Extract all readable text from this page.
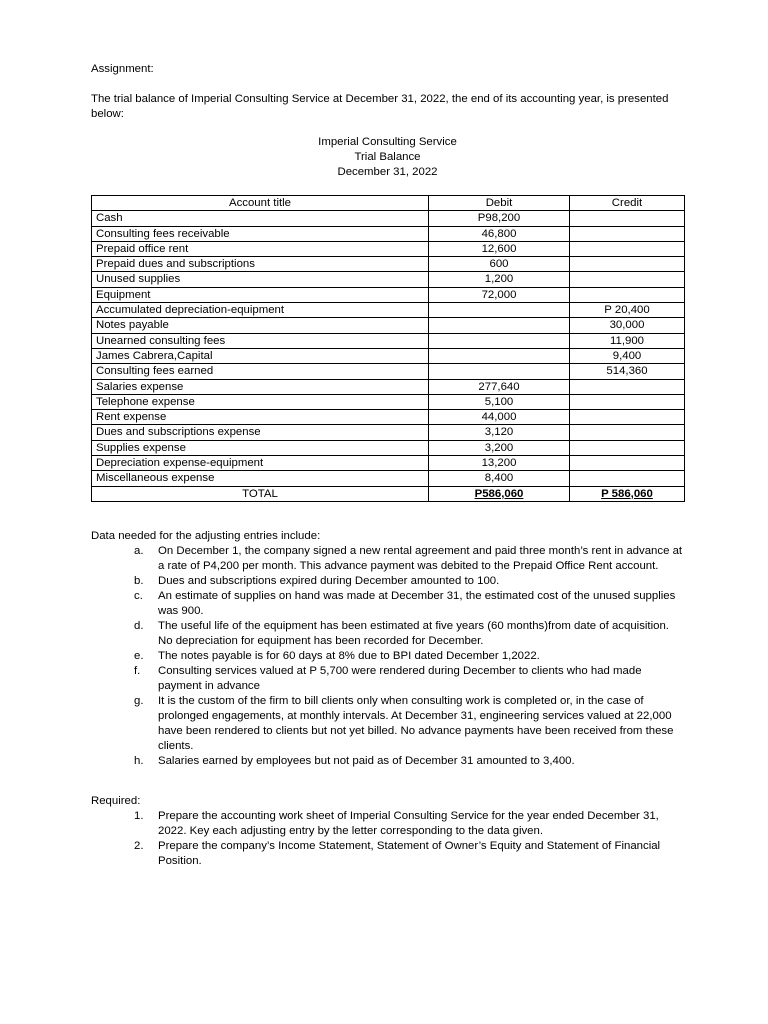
Assignment:
The trial balance of Imperial Consulting Service at December 31, 2022, the end of its accounting year, is presented below:
Imperial Consulting Service
Trial Balance
December 31, 2022
Account title	Debit	Credit
Cash	P98,200	
Consulting fees receivable	46,800	
Prepaid office rent	12,600	
Prepaid dues and subscriptions	600	
Unused supplies	1,200	
Equipment	72,000	
Accumulated depreciation-equipment		P 20,400
Notes payable		30,000
Unearned consulting fees		11,900
James Cabrera,Capital		9,400
Consulting fees earned		514,360
Salaries expense	277,640	
Telephone expense	5,100	
Rent expense	44,000	
Dues and subscriptions expense	3,120	
Supplies expense	3,200	
Depreciation expense-equipment	13,200	
Miscellaneous expense	8,400	
TOTAL	P586,060	P 586,060
Data needed for the adjusting entries include:
a. On December 1, the company signed a new rental agreement and paid three month’s rent in advance at a rate of P4,200 per month. This advance payment was debited to the Prepaid Office Rent account.
b. Dues and subscriptions expired during December amounted to 100.
c. An estimate of supplies on hand was made at December 31, the estimated cost of the unused supplies was 900.
d. The useful life of the equipment has been estimated at five years (60 months)from date of acquisition. No depreciation for equipment has been recorded for December.
e. The notes payable is for 60 days at 8% due to BPI dated December 1,2022.
f. Consulting services valued at P 5,700 were rendered during December to clients who had made payment in advance
g. It is the custom of the firm to bill clients only when consulting work is completed or, in the case of prolonged engagements, at monthly intervals. At December 31, engineering services valued at 22,000 have been rendered to clients but not yet billed. No advance payments have been received from these clients.
h. Salaries earned by employees but not paid as of December 31 amounted to 3,400.
Required:
1. Prepare the accounting work sheet of Imperial Consulting Service for the year ended December 31, 2022. Key each adjusting entry by the letter corresponding to the data given.
2. Prepare the company’s Income Statement, Statement of Owner’s Equity and Statement of Financial Position.
